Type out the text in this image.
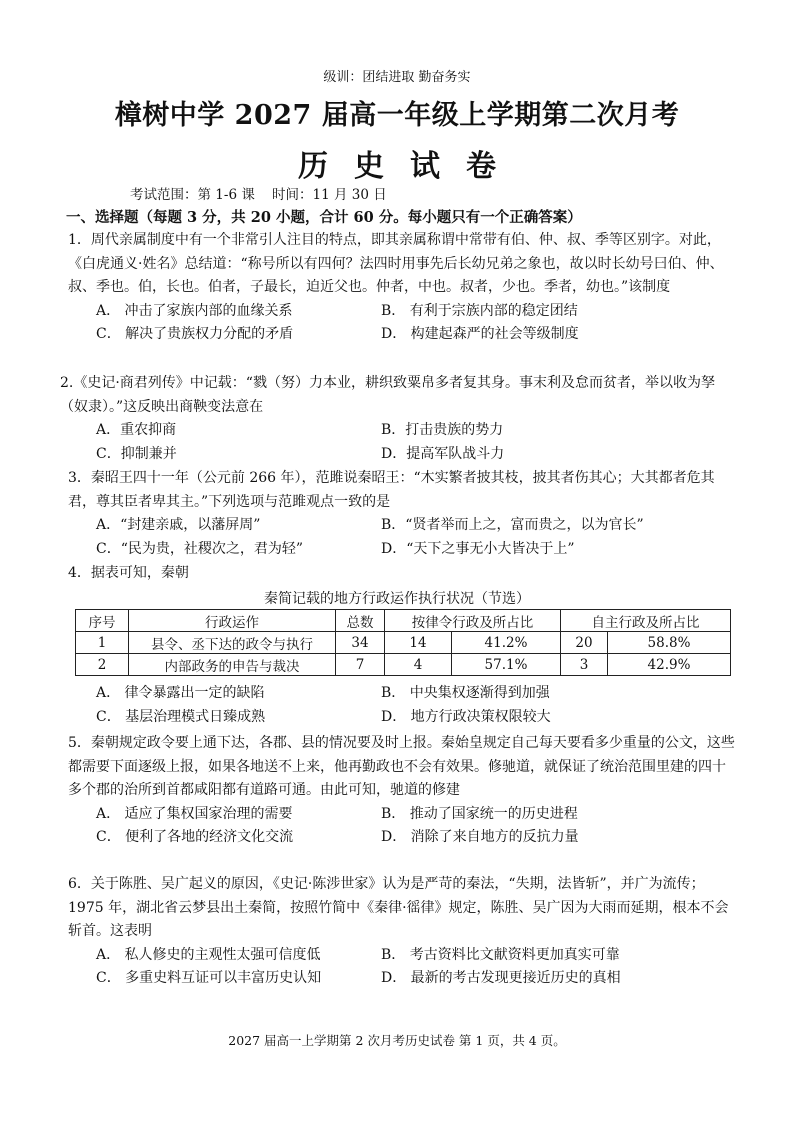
级训：团结进取 勤奋务实
樟树中学 2027 届高一年级上学期第二次月考
历史试卷
考试范围：第 1-6 课    时间：11 月 30 日
一、选择题（每题 3 分，共 20 小题，合计 60 分。每小题只有一个正确答案）

1．周代亲属制度中有一个非常引人注目的特点，即其亲属称谓中常带有伯、仲、叔、季等区别字。对此，《白虎通义·姓名》总结道：“称号所以有四何？法四时用事先后长幼兄弟之象也，故以时长幼号曰伯、仲、叔、季也。伯，长也。伯者，子最长，迫近父也。仲者，中也。叔者，少也。季者，幼也。”该制度

A． 冲击了家族内部的血缘关系	B． 有利于宗族内部的稳定团结
C． 解决了贵族权力分配的矛盾	D． 构建起森严的社会等级制度

2.《史记·商君列传》中记载：“戮（努）力本业，耕织致粟帛多者复其身。事末利及怠而贫者，举以收为孥（奴隶）。”这反映出商鞅变法意在

A．重农抑商	B．打击贵族的势力
C．抑制兼并	D．提高军队战斗力

3．秦昭王四十一年（公元前 266 年），范雎说秦昭王：“木实繁者披其枝，披其者伤其心；大其都者危其君，尊其臣者卑其主。”下列选项与范雎观点一致的是

A．“封建亲戚，以藩屏周”	B．“贤者举而上之，富而贵之，以为官长”
C．“民为贵，社稷次之，君为轻”	D．“天下之事无小大皆决于上”

4．据表可知，秦朝

秦简记载的地方行政运作执行状况（节选）
序号	行政运作	总数	按律令行政及所占比		自主行政及所占比	
1	县令、丞下达的政令与执行	34	14	41.2%	20	58.8%
2	内部政务的申告与裁决	7	4	57.1%	3	42.9%
A． 律令暴露出一定的缺陷	B． 中央集权逐渐得到加强
C． 基层治理模式日臻成熟	D． 地方行政决策权限较大

5．秦朝规定政令要上通下达，各郡、县的情况要及时上报。秦始皇规定自己每天要看多少重量的公文，这些都需要下面逐级上报，如果各地送不上来，他再勤政也不会有效果。修驰道，就保证了统治范围里建的四十多个郡的治所到首都咸阳都有道路可通。由此可知，驰道的修建

A． 适应了集权国家治理的需要	B． 推动了国家统一的历史进程
C． 便利了各地的经济文化交流	D． 消除了来自地方的反抗力量

6．关于陈胜、吴广起义的原因，《史记·陈涉世家》认为是严苛的秦法，“失期，法皆斩”，并广为流传；1975 年，湖北省云梦县出土秦简，按照竹简中《秦律·徭律》规定，陈胜、吴广因为大雨而延期，根本不会斩首。这表明

A． 私人修史的主观性太强可信度低	B． 考古资料比文献资料更加真实可靠
C． 多重史料互证可以丰富历史认知	D． 最新的考古发现更接近历史的真相
2027 届高一上学期第 2 次月考历史试卷 第 1 页，共 4 页。
